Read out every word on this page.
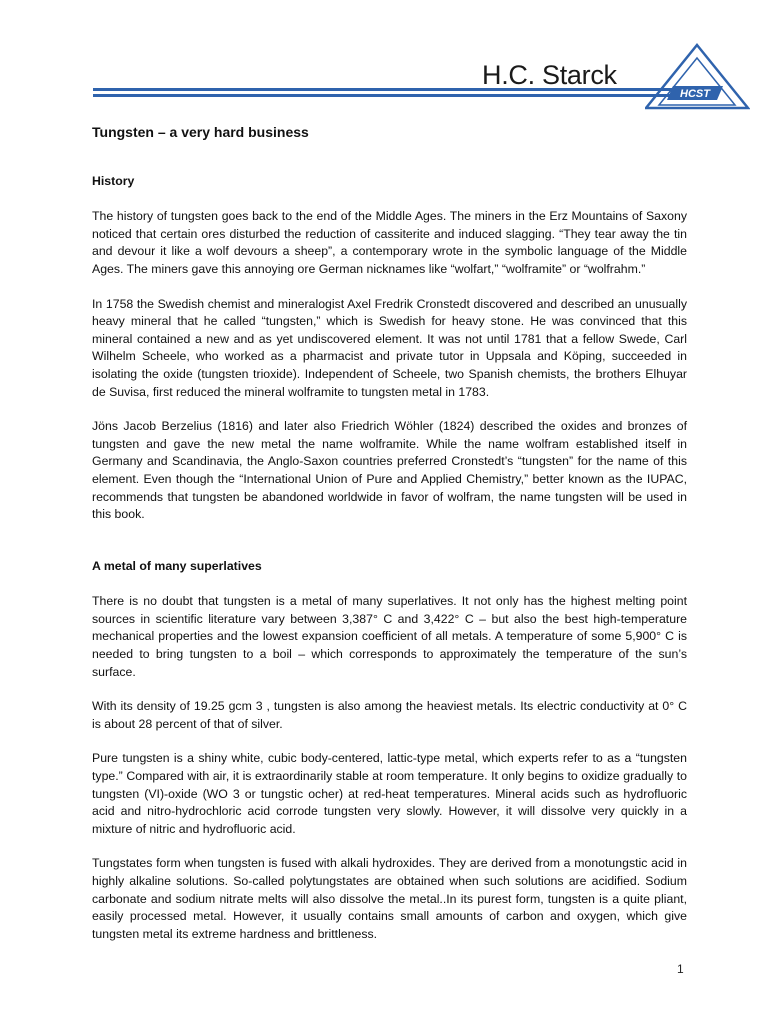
H.C. Starck
HCST
Tungsten – a very hard business
History

The history of tungsten goes back to the end of the Middle Ages. The miners in the Erz Mountains of Saxony noticed that certain ores disturbed the reduction of cassiterite and induced slagging. “They tear away the tin and devour it like a wolf devours a sheep”, a contemporary wrote in the symbolic language of the Middle Ages. The miners gave this annoying ore German nicknames like “wolfart,” “wolframite” or “wolfrahm.”

In 1758 the Swedish chemist and mineralogist Axel Fredrik Cronstedt discovered and described an unusually heavy mineral that he called “tungsten,” which is Swedish for heavy stone. He was convinced that this mineral contained a new and as yet undiscovered element. It was not until 1781 that a fellow Swede, Carl Wilhelm Scheele, who worked as a pharmacist and private tutor in Uppsala and Köping, succeeded in isolating the oxide (tungsten trioxide). Independent of Scheele, two Spanish chemists, the brothers Elhuyar de Suvisa, first reduced the mineral wolframite to tungsten metal in 1783.

Jöns Jacob Berzelius (1816) and later also Friedrich Wöhler (1824) described the oxides and bronzes of tungsten and gave the new metal the name wolframite. While the name wolfram established itself in Germany and Scandinavia, the Anglo-Saxon countries preferred Cronstedt’s “tungsten” for the name of this element. Even though the “International Union of Pure and Applied Chemistry,” better known as the IUPAC, recommends that tungsten be abandoned worldwide in favor of wolfram, the name tungsten will be used in this book.

A metal of many superlatives

There is no doubt that tungsten is a metal of many superlatives. It not only has the highest melting point sources in scientific literature vary between 3,387° C and 3,422° C – but also the best high-temperature mechanical properties and the lowest expansion coefficient of all metals. A temperature of some 5,900° C is needed to bring tungsten to a boil – which corresponds to approximately the temperature of the sun’s surface.

With its density of 19.25 gcm 3 , tungsten is also among the heaviest metals. Its electric conductivity at 0° C is about 28 percent of that of silver.

Pure tungsten is a shiny white, cubic body-centered, lattic-type metal, which experts refer to as a “tungsten type.” Compared with air, it is extraordinarily stable at room temperature. It only begins to oxidize gradually to tungsten (VI)-oxide (WO 3 or tungstic ocher) at red-heat temperatures. Mineral acids such as hydrofluoric acid and nitro-hydrochloric acid corrode tungsten very slowly. However, it will dissolve very quickly in a mixture of nitric and hydrofluoric acid.

Tungstates form when tungsten is fused with alkali hydroxides. They are derived from a monotungstic acid in highly alkaline solutions. So-called polytungstates are obtained when such solutions are acidified. Sodium carbonate and sodium nitrate melts will also dissolve the metal..In its purest form, tungsten is a quite pliant, easily processed metal. However, it usually contains small amounts of carbon and oxygen, which give tungsten metal its extreme hardness and brittleness.

1
